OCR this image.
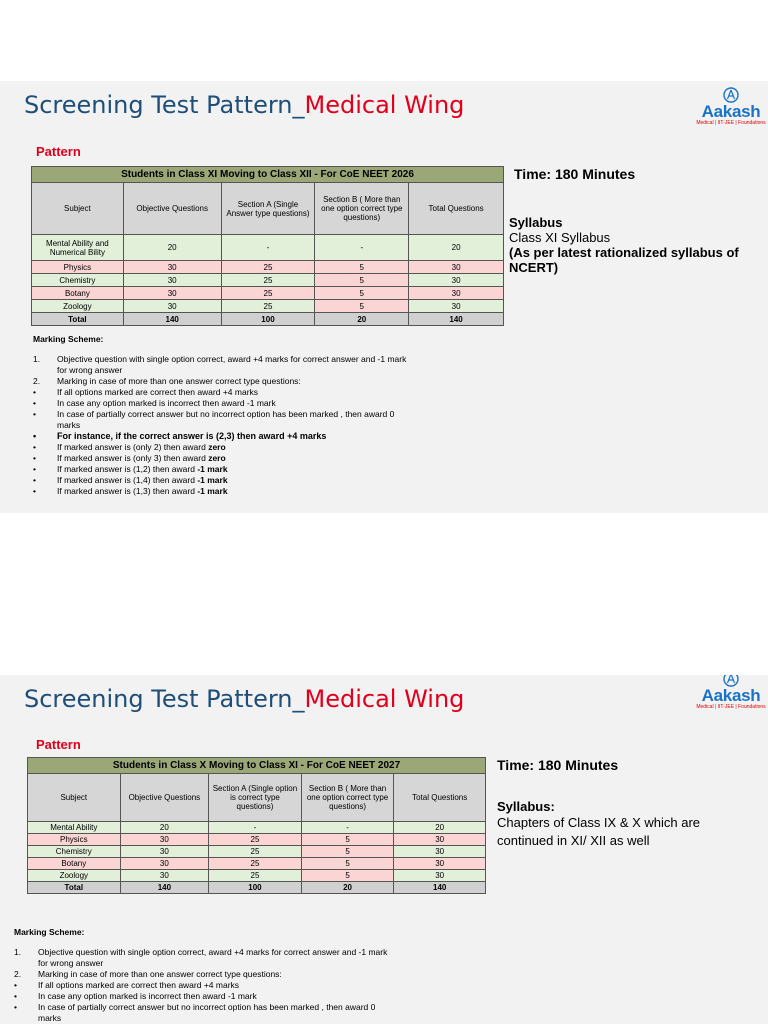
Screening Test Pattern_Medical Wing	Aakash
Medical | IIT-JEE | Foundations
Pattern
Students in Class XI Moving to Class XII - For CoE NEET 2026				
Subject	Objective Questions	Section A (Single Answer type questions)	Section B ( More than one option correct type questions)	Total Questions
Mental Ability and Numerical Bility	20	-	-	20
Physics	30	25	5	30
Chemistry	30	25	5	30
Botany	30	25	5	30
Zoology	30	25	5	30
Total	140	100	20	140
Time: 180 Minutes
Syllabus
Class XI Syllabus
(As per latest rationalized syllabus of NCERT)
Marking Scheme:
1. Objective question with single option correct, award +4 marks for correct answer and -1 mark for wrong answer
2. Marking in case of more than one answer correct type questions:
• If all options marked are correct then award +4 marks
• In case any option marked is incorrect then award -1 mark
• In case of partially correct answer but no incorrect option has been marked , then award 0 marks
• For instance, if the correct answer is (2,3) then award +4 marks
• If marked answer is (only 2) then award zero
• If marked answer is (only 3) then award zero
• If marked answer is (1,2) then award -1 mark
• If marked answer is (1,4) then award -1 mark
• If marked answer is (1,3) then award -1 mark
Screening Test Pattern_Medical Wing	Aakash
Medical | IIT-JEE | Foundations
Pattern
Students in Class X Moving to Class XI - For CoE NEET 2027				
Subject	Objective Questions	Section A (Single option is correct type questions)	Section B ( More than one option correct type questions)	Total Questions
Mental Ability	20	-	-	20
Physics	30	25	5	30
Chemistry	30	25	5	30
Botany	30	25	5	30
Zoology	30	25	5	30
Total	140	100	20	140
Time: 180 Minutes
Syllabus:
Chapters of Class IX & X which are continued in XI/ XII as well
Marking Scheme:
1. Objective question with single option correct, award +4 marks for correct answer and -1 mark for wrong answer
2. Marking in case of more than one answer correct type questions:
• If all options marked are correct then award +4 marks
• In case any option marked is incorrect then award -1 mark
• In case of partially correct answer but no incorrect option has been marked , then award 0 marks
